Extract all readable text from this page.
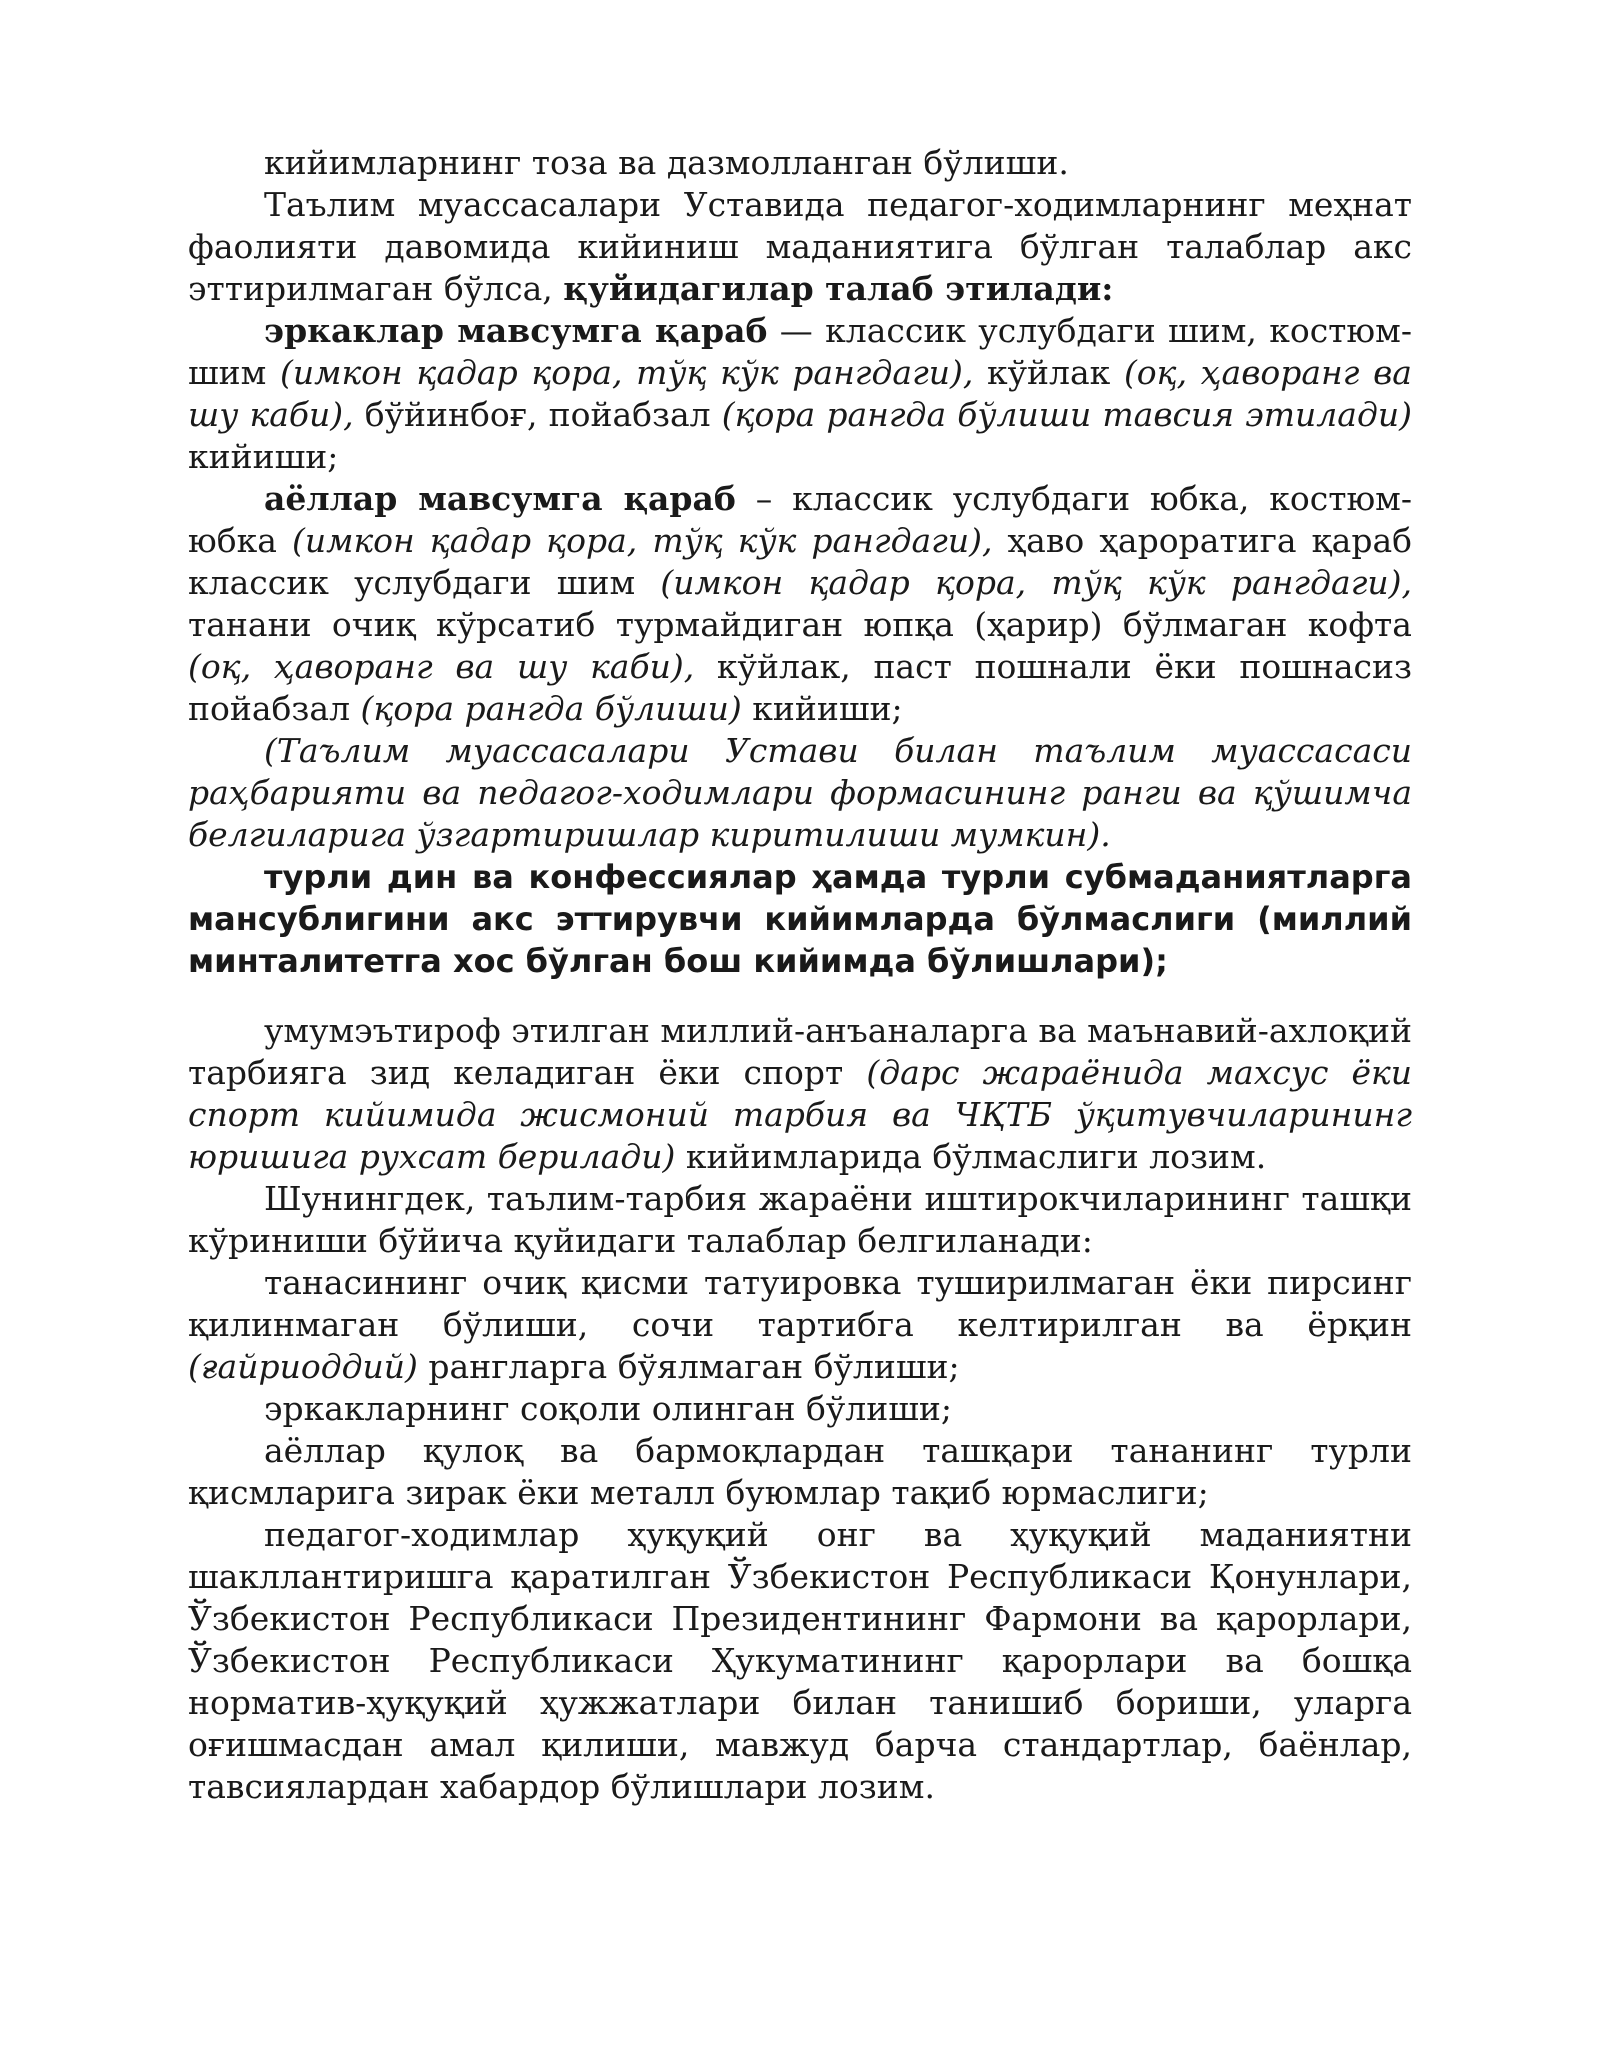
кийимларнинг тоза ва дазмолланган бўлиши.

Таълим муассасалари Уставида педагог-ходимларнинг меҳнат фаолияти давомида кийиниш маданиятига бўлган талаблар акс эттирилмаган бўлса, қуйидагилар талаб этилади:

эркаклар мавсумга қараб — классик услубдаги шим, костюм-шим (имкон қадар қора, тўқ кўк рангдаги), кўйлак (оқ, ҳаворанг ва шу каби), бўйинбоғ, пойабзал (қора рангда бўлиши тавсия этилади) кийиши;

аёллар мавсумга қараб – классик услубдаги юбка, костюм-юбка (имкон қадар қора, тўқ кўк рангдаги), ҳаво ҳароратига қараб классик услубдаги шим (имкон қадар қора, тўқ кўк рангдаги), танани очиқ кўрсатиб турмайдиган юпқа (ҳарир) бўлмаган кофта (оқ, ҳаворанг ва шу каби), кўйлак, паст пошнали ёки пошнасиз пойабзал (қора рангда бўлиши) кийиши;

(Таълим муассасалари Устави билан таълим муассасаси раҳбарияти ва педагог-ходимлари формасининг ранги ва қўшимча белгиларига ўзгартиришлар киритилиши мумкин).

турли дин ва конфессиялар ҳамда турли субмаданиятларга мансублигини акс эттирувчи кийимларда бўлмаслиги (миллий минталитетга хос бўлган бош кийимда бўлишлари);

умумэътироф этилган миллий-анъаналарга ва маънавий-ахлоқий тарбияга зид келадиган ёки спорт (дарс жараёнида махсус ёки спорт кийимида жисмоний тарбия ва ЧҚТБ ўқитувчиларининг юришига рухсат берилади) кийимларида бўлмаслиги лозим.

Шунингдек, таълим-тарбия жараёни иштирокчиларининг ташқи кўриниши бўйича қуйидаги талаблар белгиланади:

танасининг очиқ қисми татуировка туширилмаган ёки пирсинг қилинмаган бўлиши, сочи тартибга келтирилган ва ёрқин (ғайриоддий) рангларга бўялмаган бўлиши;

эркакларнинг соқоли олинган бўлиши;

аёллар қулоқ ва бармоқлардан ташқари тананинг турли қисмларига зирак ёки металл буюмлар тақиб юрмаслиги;

педагог-ходимлар ҳуқуқий онг ва ҳуқуқий маданиятни шакллантиришга қаратилган Ўзбекистон Республикаси Қонунлари, Ўзбекистон Республикаси Президентининг Фармони ва қарорлари, Ўзбекистон Республикаси Ҳукуматининг қарорлари ва бошқа норматив-ҳуқуқий ҳужжатлари билан танишиб бориши, уларга оғишмасдан амал қилиши, мавжуд барча стандартлар, баёнлар, тавсиялардан хабардор бўлишлари лозим.
